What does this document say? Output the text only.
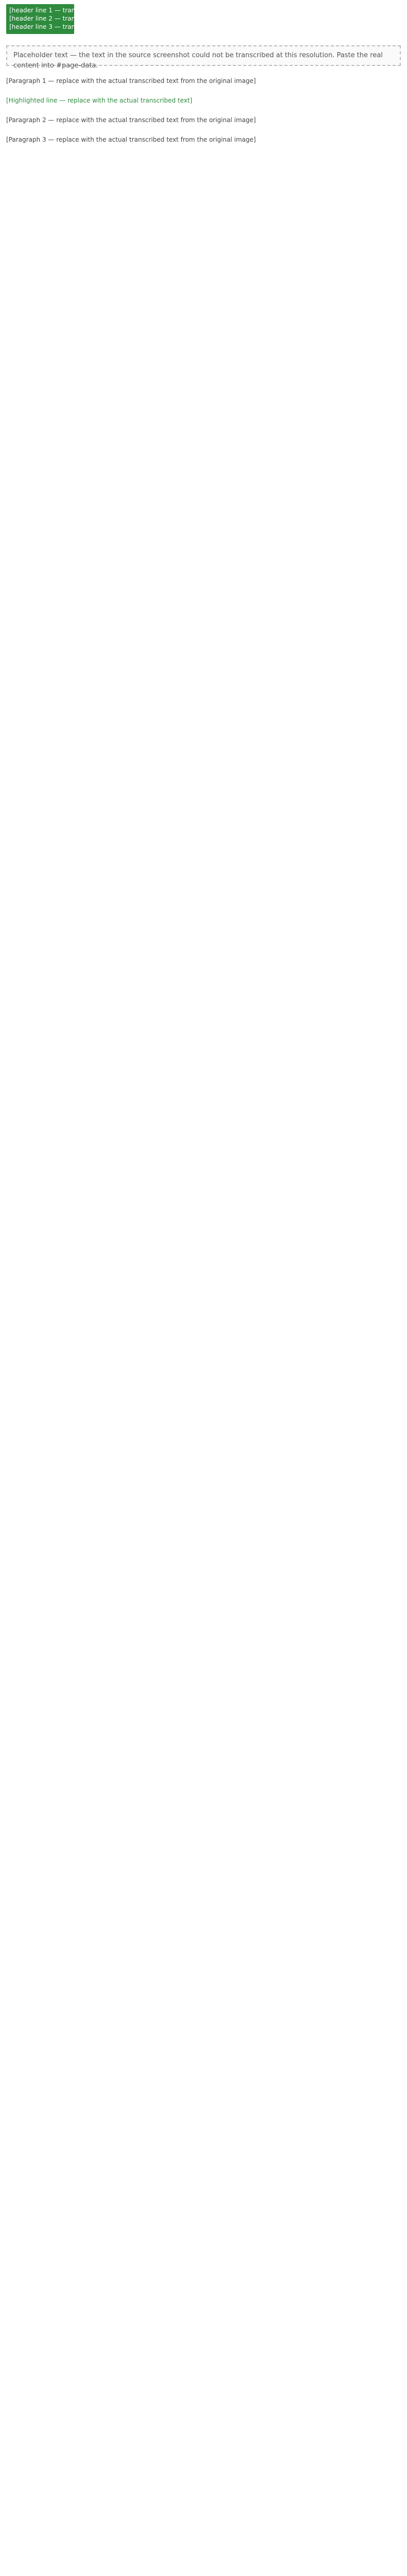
[header line 1 — transcription needed]
[header line 2 — transcription needed]
[header line 3 — transcription needed]
Placeholder text — the text in the source screenshot could not be transcribed at this resolution. Paste the real content into #page-data.

[Paragraph 1 — replace with the actual transcribed text from the original image]

[Highlighted line — replace with the actual transcribed text]

[Paragraph 2 — replace with the actual transcribed text from the original image]

[Paragraph 3 — replace with the actual transcribed text from the original image]
